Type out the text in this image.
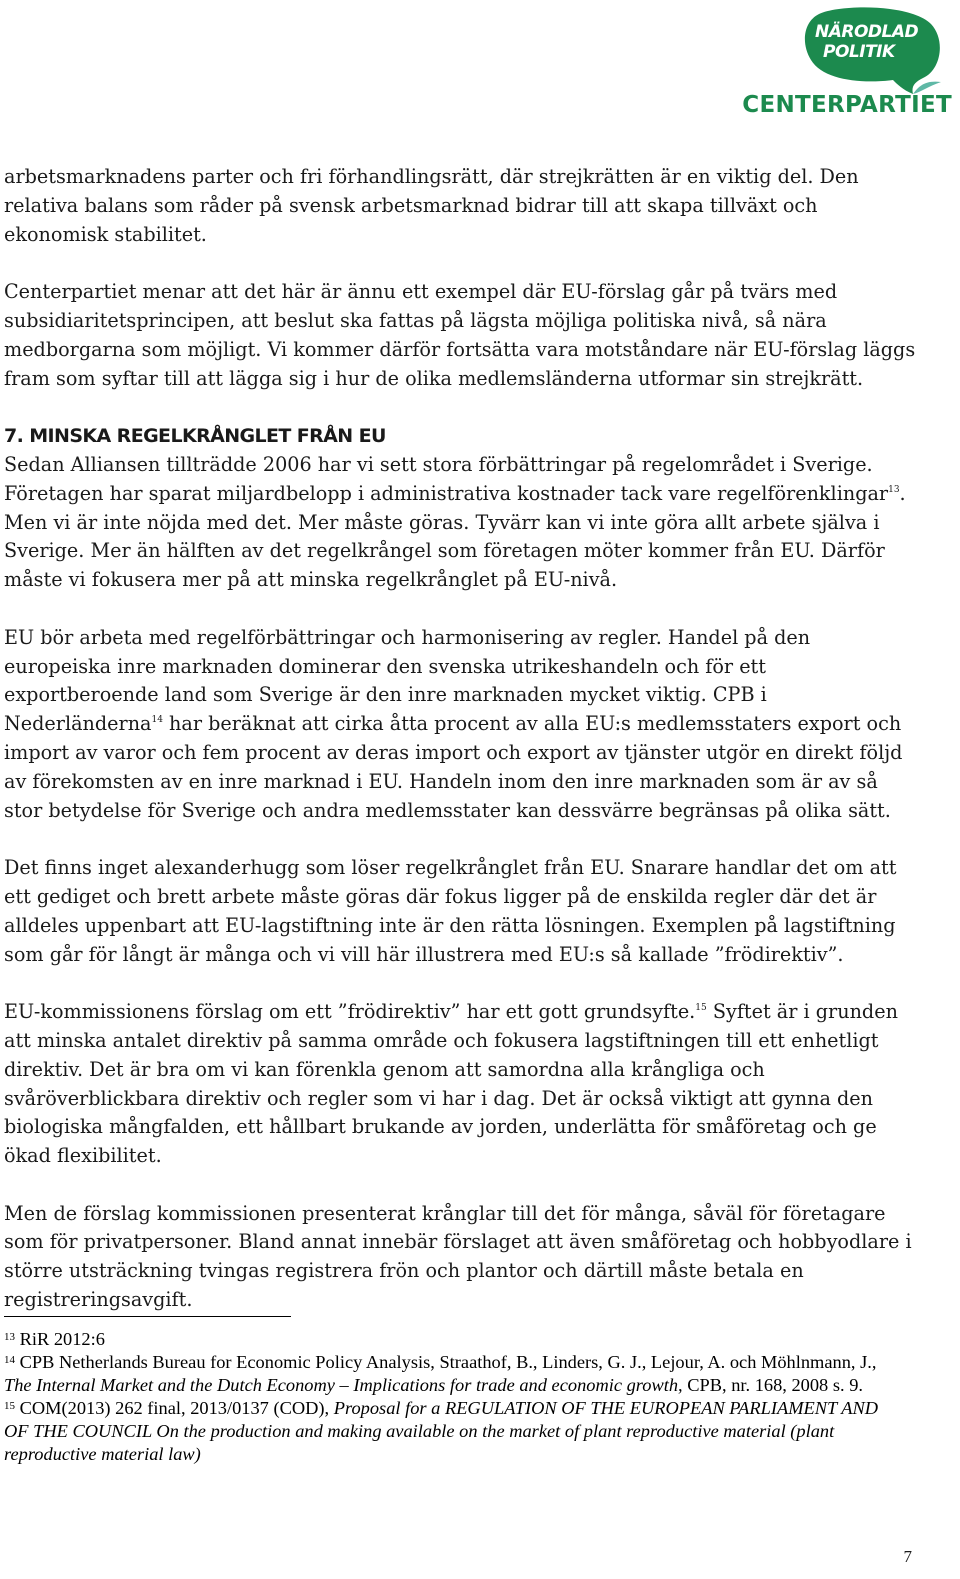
NÄRODLAD
POLITIK
CENTERPARTIET

arbetsmarknadens parter och fri förhandlingsrätt, där strejkrätten är en viktig del. Den relativa balans som råder på svensk arbetsmarknad bidrar till att skapa tillväxt och ekonomisk stabilitet.

Centerpartiet menar att det här är ännu ett exempel där EU-förslag går på tvärs med subsidiaritetsprincipen, att beslut ska fattas på lägsta möjliga politiska nivå, så nära medborgarna som möjligt. Vi kommer därför fortsätta vara motståndare när EU-förslag läggs fram som syftar till att lägga sig i hur de olika medlemsländerna utformar sin strejkrätt.

7. MINSKA REGELKRÅNGLET FRÅN EU

Sedan Alliansen tillträdde 2006 har vi sett stora förbättringar på regelområdet i Sverige. Företagen har sparat miljardbelopp i administrativa kostnader tack vare regelförenklingar$^{13}$. Men vi är inte nöjda med det. Mer måste göras. Tyvärr kan vi inte göra allt arbete själva i Sverige. Mer än hälften av det regelkrångel som företagen möter kommer från EU. Därför måste vi fokusera mer på att minska regelkrånglet på EU-nivå.

EU bör arbeta med regelförbättringar och harmonisering av regler. Handel på den europeiska inre marknaden dominerar den svenska utrikeshandeln och för ett exportberoende land som Sverige är den inre marknaden mycket viktig. CPB i Nederländerna$^{14}$ har beräknat att cirka åtta procent av alla EU:s medlemsstaters export och import av varor och fem procent av deras import och export av tjänster utgör en direkt följd av förekomsten av en inre marknad i EU. Handeln inom den inre marknaden som är av så stor betydelse för Sverige och andra medlemsstater kan dessvärre begränsas på olika sätt.

Det finns inget alexanderhugg som löser regelkrånglet från EU. Snarare handlar det om att ett gediget och brett arbete måste göras där fokus ligger på de enskilda regler där det är alldeles uppenbart att EU-lagstiftning inte är den rätta lösningen. Exemplen på lagstiftning som går för långt är många och vi vill här illustrera med EU:s så kallade ”frödirektiv”.

EU-kommissionens förslag om ett ”frödirektiv” har ett gott grundsyfte.$^{15}$ Syftet är i grunden att minska antalet direktiv på samma område och fokusera lagstiftningen till ett enhetligt direktiv. Det är bra om vi kan förenkla genom att samordna alla krångliga och svåröverblickbara direktiv och regler som vi har i dag. Det är också viktigt att gynna den biologiska mångfalden, ett hållbart brukande av jorden, underlätta för småföretag och ge ökad flexibilitet.

Men de förslag kommissionen presenterat krånglar till det för många, såväl för företagare som för privatpersoner. Bland annat innebär förslaget att även småföretag och hobbyodlare i större utsträckning tvingas registrera frön och plantor och därtill måste betala en registreringsavgift.

$^{13}$ RiR 2012:6

$^{14}$ CPB Netherlands Bureau for Economic Policy Analysis, Straathof, B., Linders, G. J., Lejour, A. och Möhlnmann, J., The Internal Market and the Dutch Economy – Implications for trade and economic growth, CPB, nr. 168, 2008 s. 9.

$^{15}$ COM(2013) 262 final, 2013/0137 (COD), Proposal for a REGULATION OF THE EUROPEAN PARLIAMENT AND OF THE COUNCIL On the production and making available on the market of plant reproductive material (plant reproductive material law)

7
